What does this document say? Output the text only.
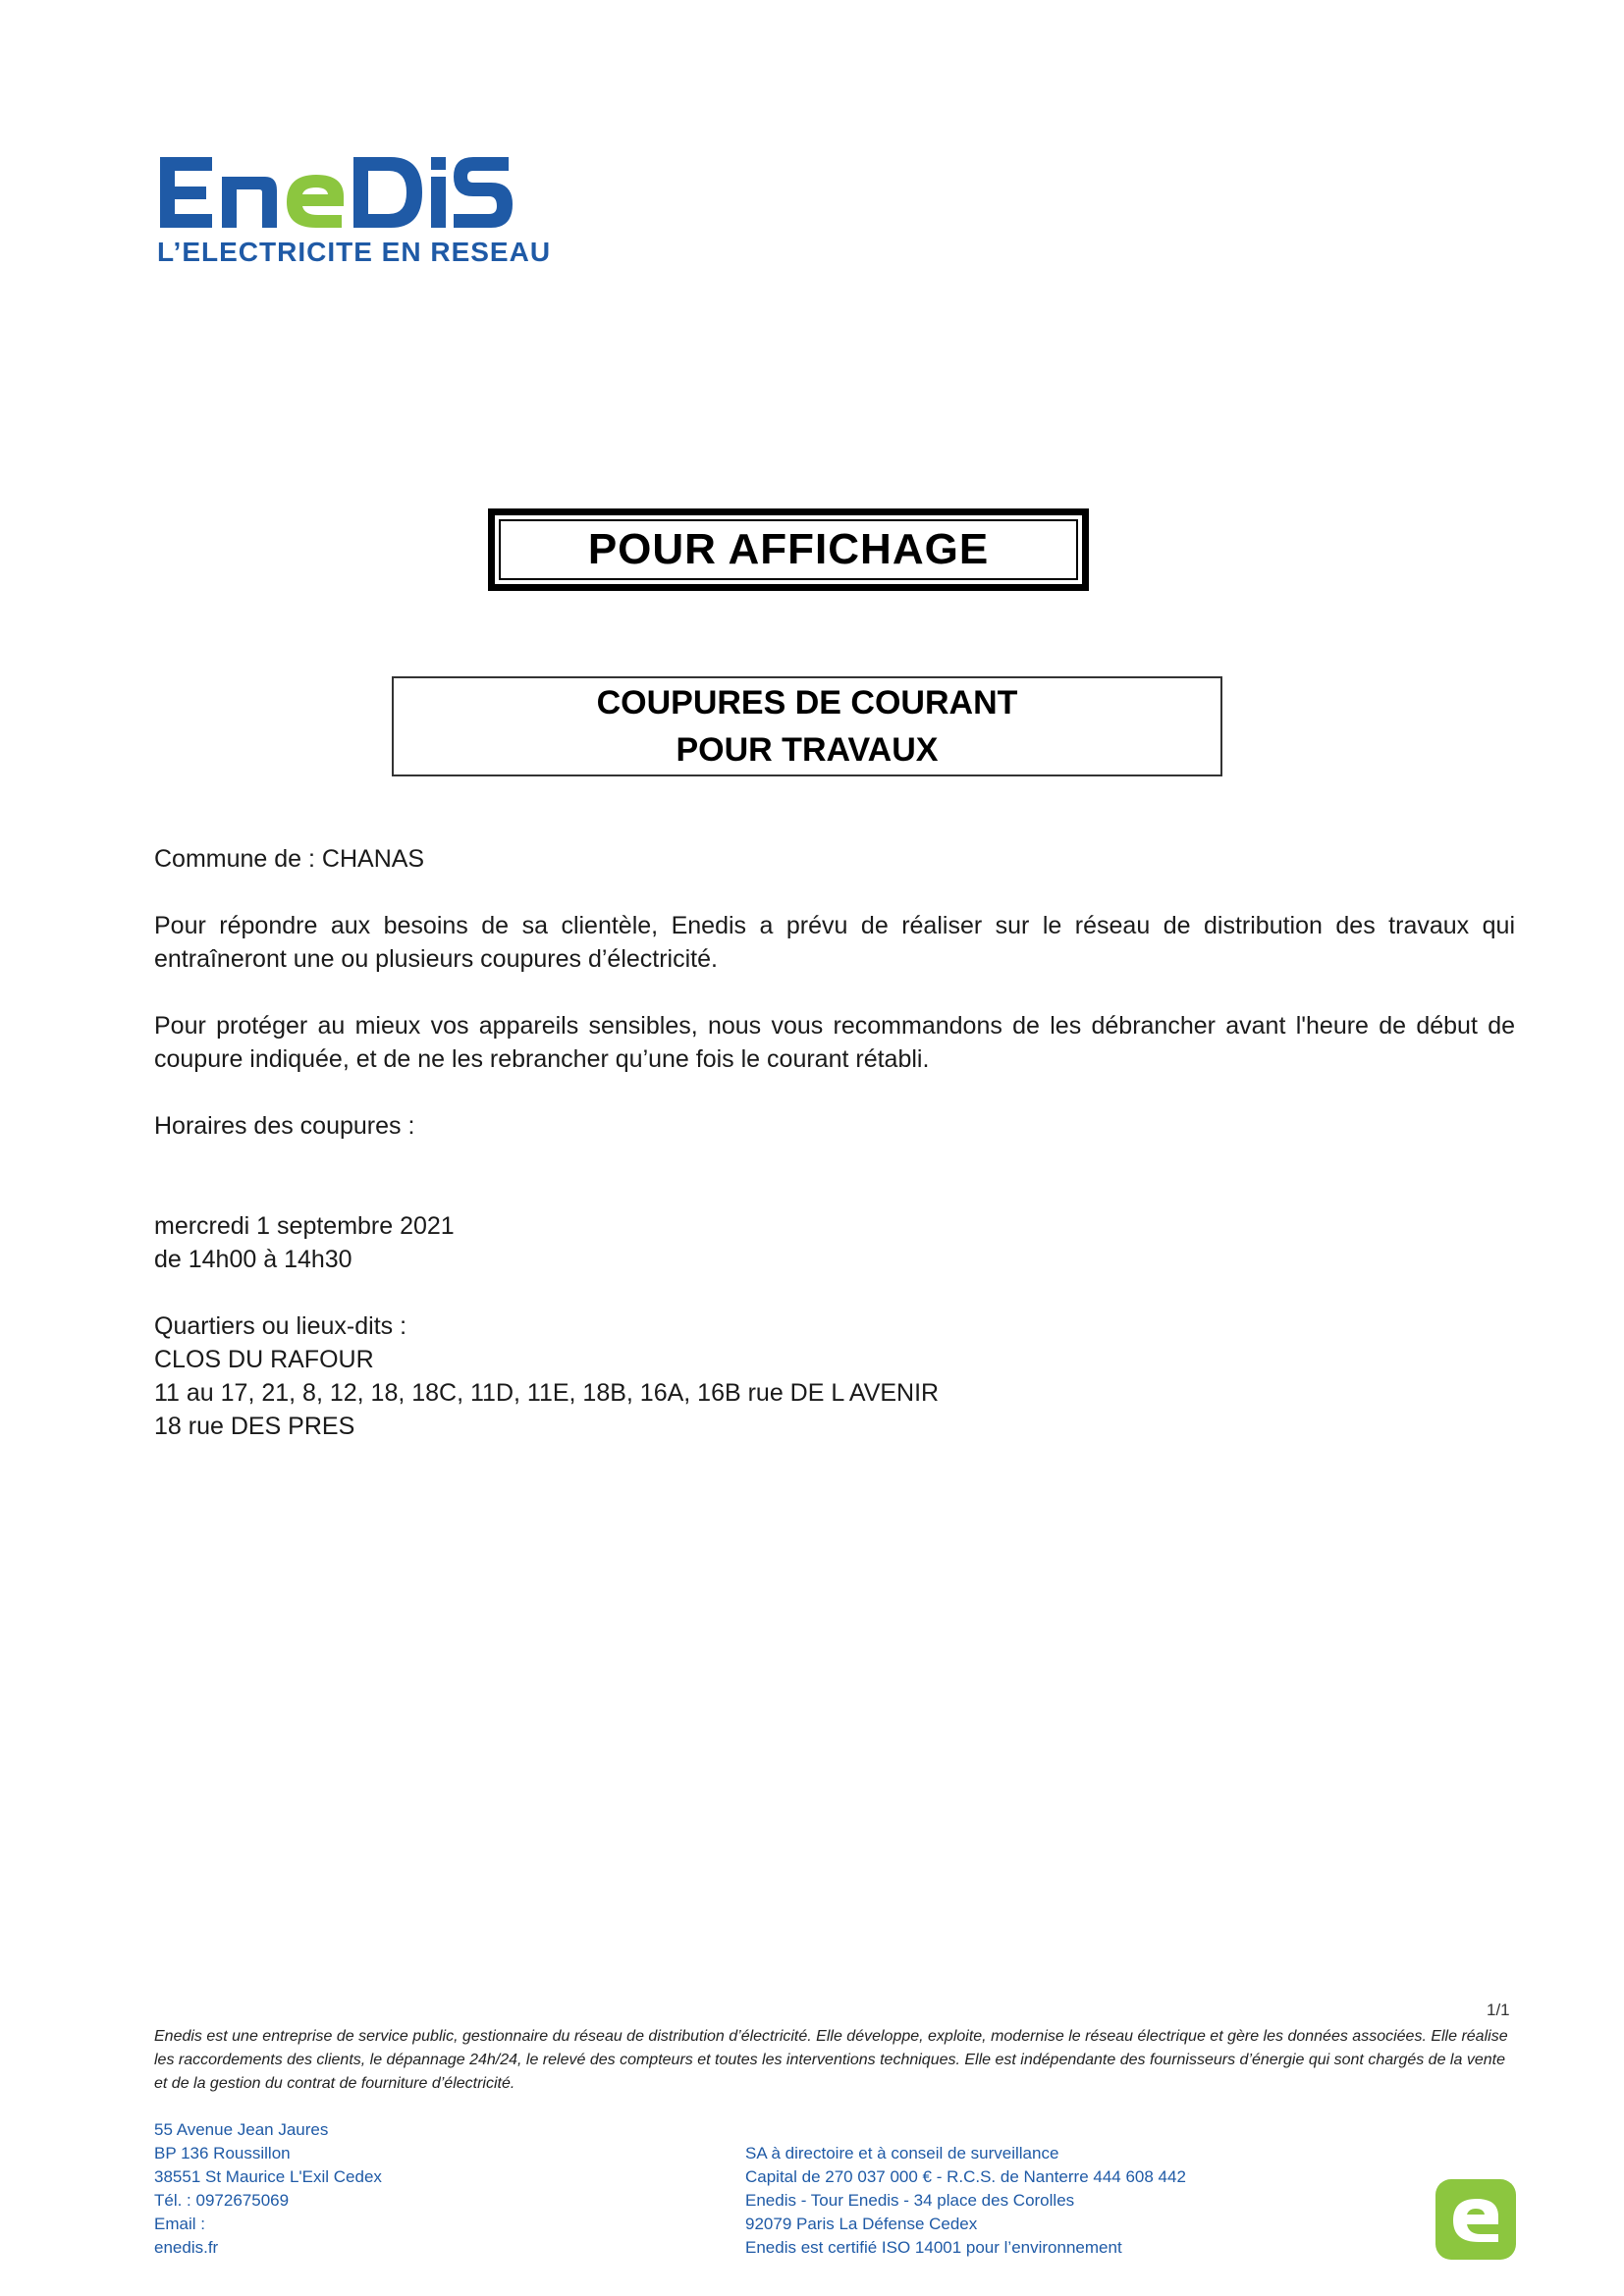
L’ELECTRICITE EN RESEAU
POUR AFFICHAGE
COUPURES DE COURANT
POUR TRAVAUX

Commune de : CHANAS

Pour répondre aux besoins de sa clientèle, Enedis a prévu de réaliser sur le réseau de distribution des travaux qui entraîneront une ou plusieurs coupures d’électricité.

Pour protéger au mieux vos appareils sensibles, nous vous recommandons de les débrancher avant l'heure de début de coupure indiquée, et de ne les rebrancher qu’une fois le courant rétabli.

Horaires des coupures :

mercredi 1 septembre 2021

de 14h00 à 14h30

Quartiers ou lieux-dits :

CLOS DU RAFOUR

11 au 17, 21, 8, 12, 18, 18C, 11D, 11E, 18B, 16A, 16B rue DE L AVENIR

18 rue DES PRES

1/1
Enedis est une entreprise de service public, gestionnaire du réseau de distribution d’électricité. Elle développe, exploite, modernise le réseau électrique et gère les données associées. Elle réalise les raccordements des clients, le dépannage 24h/24, le relevé des compteurs et toutes les interventions techniques. Elle est indépendante des fournisseurs d’énergie qui sont chargés de la vente et de la gestion du contrat de fourniture d’électricité.
55 Avenue Jean Jaures
BP 136 Roussillon
38551 St Maurice L'Exil Cedex
Tél. : 0972675069
Email :
enedis.fr
SA à directoire et à conseil de surveillance
Capital de 270 037 000 € - R.C.S. de Nanterre 444 608 442
Enedis - Tour Enedis - 34 place des Corolles
92079 Paris La Défense Cedex
Enedis est certifié ISO 14001 pour l’environnement
